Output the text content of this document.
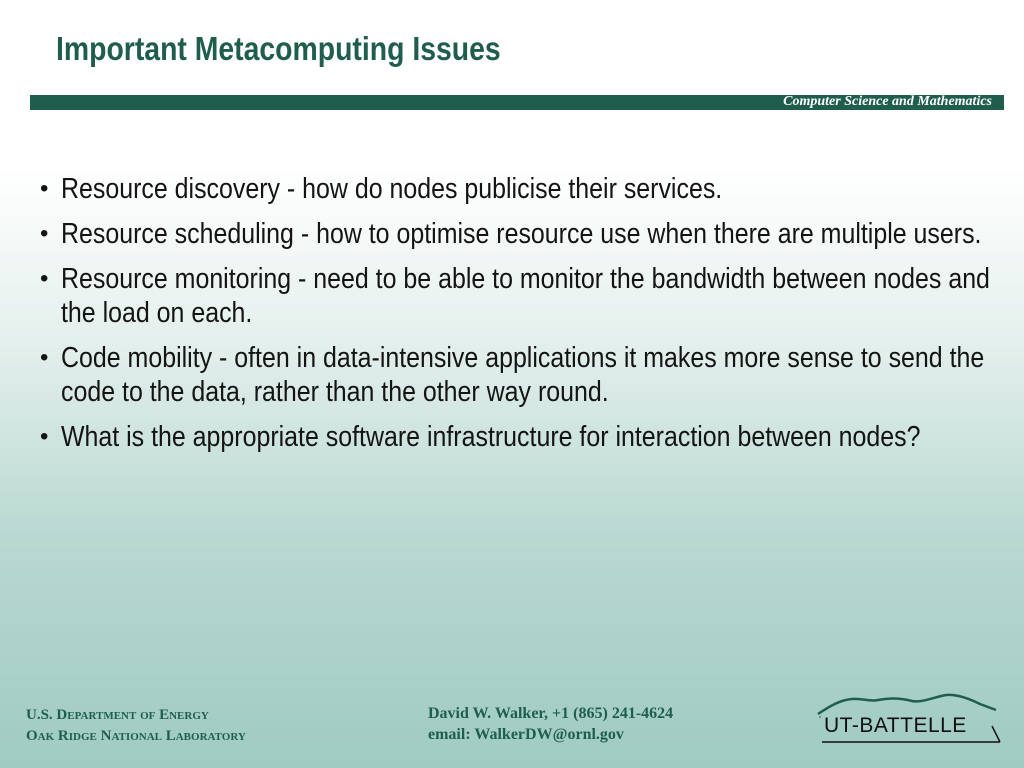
Important Metacomputing Issues
Computer Science and Mathematics
• Resource discovery - how do nodes publicise their services.
• Resource scheduling - how to optimise resource use when there are multiple users.
• Resource monitoring - need to be able to monitor the bandwidth between nodes and the load on each.
• Code mobility - often in data-intensive applications it makes more sense to send the code to the data, rather than the other way round.
• What is the appropriate software infrastructure for interaction between nodes?
U.S. Department of Energy
Oak Ridge National Laboratory
David W. Walker, +1 (865) 241-4624
email: WalkerDW@ornl.gov	UT-BATTELLE
